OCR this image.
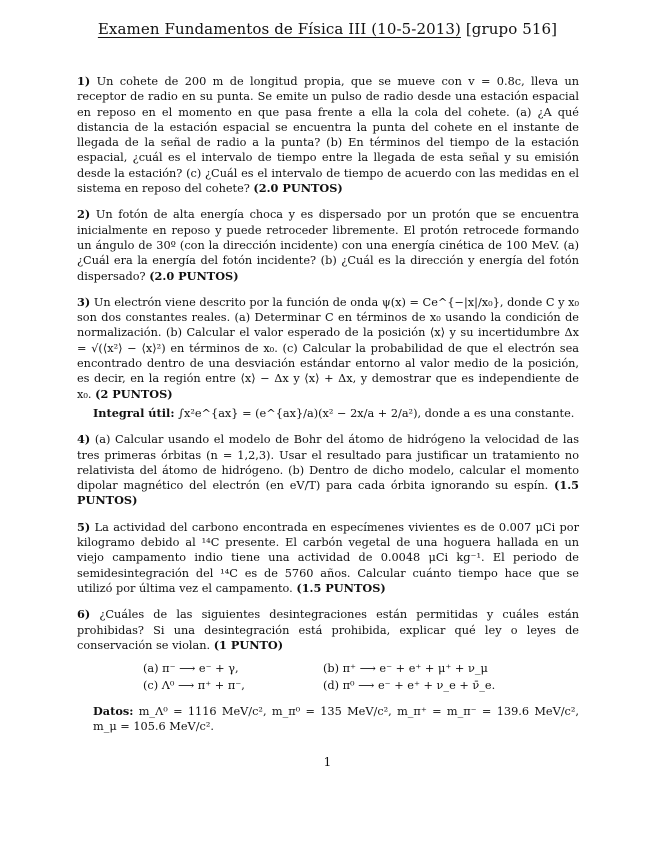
Examen Fundamentos de Física III (10-5-2013) [grupo 516]
1) Un cohete de 200 m de longitud propia, que se mueve con v = 0.8c, lleva un receptor de radio en su punta. Se emite un pulso de radio desde una estación espacial en reposo en el momento en que pasa frente a ella la cola del cohete. (a) ¿A qué distancia de la estación espacial se encuentra la punta del cohete en el instante de llegada de la señal de radio a la punta? (b) En términos del tiempo de la estación espacial, ¿cuál es el intervalo de tiempo entre la llegada de esta señal y su emisión desde la estación? (c) ¿Cuál es el intervalo de tiempo de acuerdo con las medidas en el sistema en reposo del cohete? (2.0 PUNTOS)
2) Un fotón de alta energía choca y es dispersado por un protón que se encuentra inicialmente en reposo y puede retroceder libremente. El protón retrocede formando un ángulo de 30º (con la dirección incidente) con una energía cinética de 100 MeV. (a) ¿Cuál era la energía del fotón incidente? (b) ¿Cuál es la dirección y energía del fotón dispersado? (2.0 PUNTOS)
3) Un electrón viene descrito por la función de onda ψ(x) = Ce^{−|x|/x₀}, donde C y x₀ son dos constantes reales. (a) Determinar C en términos de x₀ usando la condición de normalización. (b) Calcular el valor esperado de la posición ⟨x⟩ y su incertidumbre Δx = √(⟨x²⟩ − ⟨x⟩²) en términos de x₀. (c) Calcular la probabilidad de que el electrón sea encontrado dentro de una desviación estándar entorno al valor medio de la posición, es decir, en la región entre ⟨x⟩ − Δx y ⟨x⟩ + Δx, y demostrar que es independiente de x₀. (2 PUNTOS)
Integral útil: ∫x²e^{ax} = (e^{ax}/a)(x² − 2x/a + 2/a²), donde a es una constante.
4) (a) Calcular usando el modelo de Bohr del átomo de hidrógeno la velocidad de las tres primeras órbitas (n = 1,2,3). Usar el resultado para justificar un tratamiento no relativista del átomo de hidrógeno. (b) Dentro de dicho modelo, calcular el momento dipolar magnético del electrón (en eV/T) para cada órbita ignorando su espín. (1.5 PUNTOS)
5) La actividad del carbono encontrada en especímenes vivientes es de 0.007 μCi por kilogramo debido al ¹⁴C presente. El carbón vegetal de una hoguera hallada en un viejo campamento indio tiene una actividad de 0.0048 μCi kg⁻¹. El periodo de semidesintegración del ¹⁴C es de 5760 años. Calcular cuánto tiempo hace que se utilizó por última vez el campamento. (1.5 PUNTOS)
6) ¿Cuáles de las siguientes desintegraciones están permitidas y cuáles están prohibidas? Si una desintegración está prohibida, explicar qué ley o leyes de conservación se violan. (1 PUNTO)
(a) π⁻ ⟶ e⁻ + γ,	(b) π⁺ ⟶ e⁻ + e⁺ + μ⁺ + ν_μ
(c) Λ⁰ ⟶ π⁺ + π⁻,	(d) π⁰ ⟶ e⁻ + e⁺ + ν_e + ν̄_e.
Datos: m_Λ⁰ = 1116 MeV/c², m_π⁰ = 135 MeV/c², m_π⁺ = m_π⁻ = 139.6 MeV/c², m_μ = 105.6 MeV/c².
1
